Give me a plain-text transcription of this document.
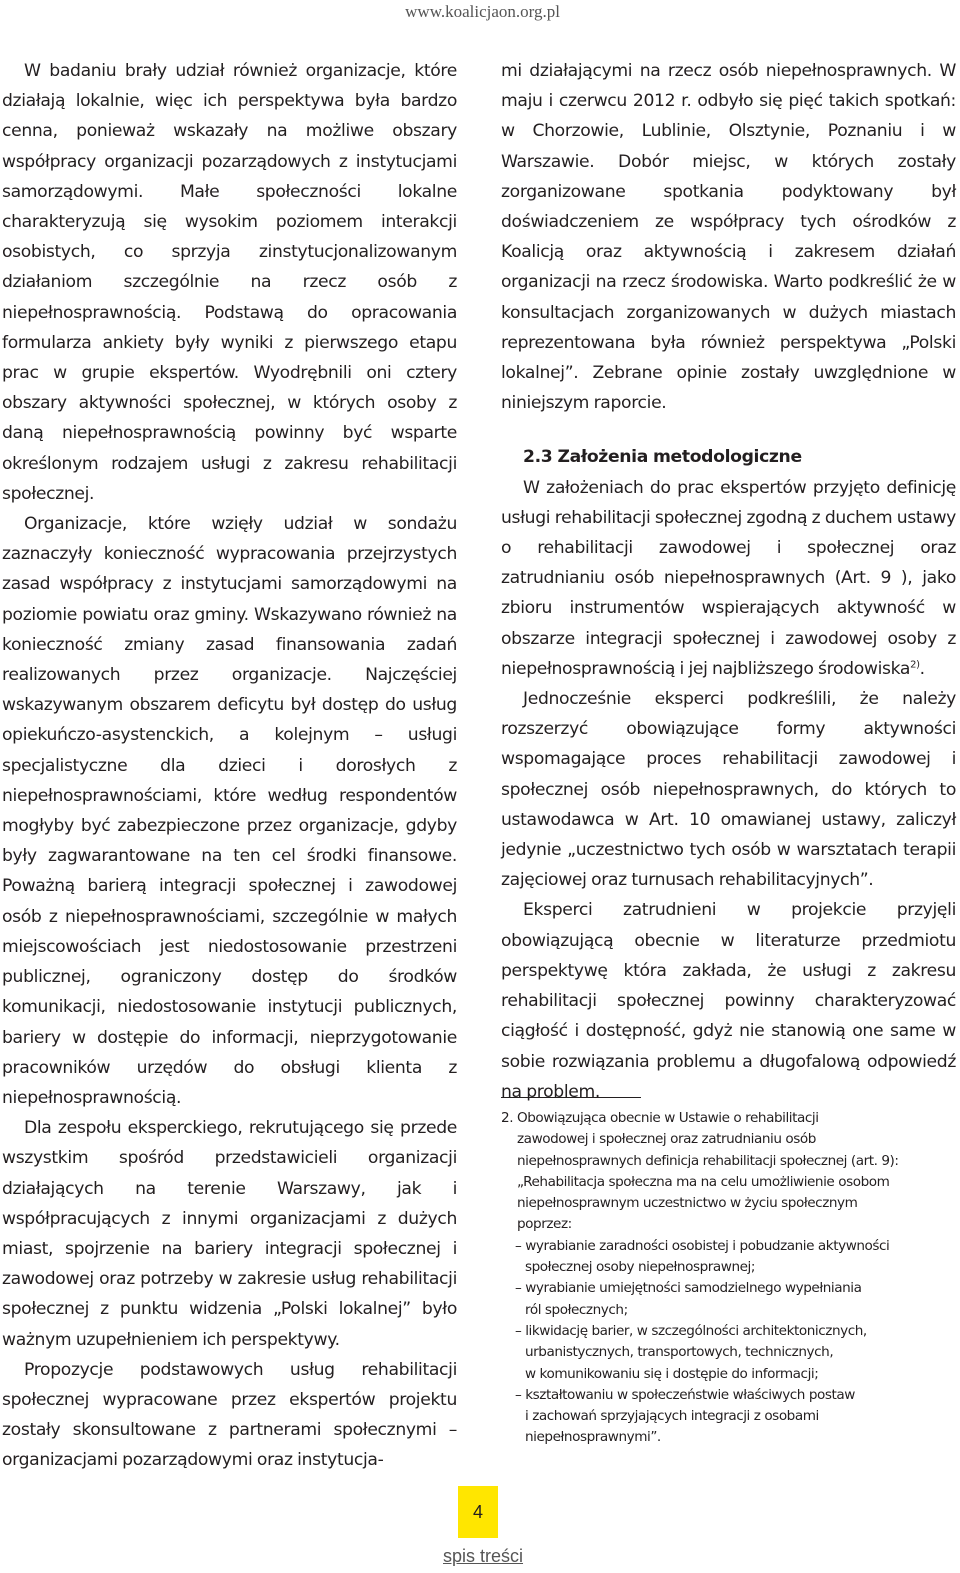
www.koalicjaon.org.pl

W badaniu brały udział również organizacje, które działają lokalnie, więc ich perspektywa była bardzo cenna, ponieważ wskazały na możliwe obszary współpracy organizacji pozarządowych z instytucjami samorządowymi. Małe społeczności lokalne charakteryzują się wysokim poziomem interakcji osobistych, co sprzyja zinstytucjonalizowanym działaniom szczególnie na rzecz osób z niepełnosprawnością. Podstawą do opracowania formularza ankiety były wyniki z pierwszego etapu prac w grupie ekspertów. Wyodrębnili oni cztery obszary aktywności społecznej, w których osoby z daną niepełnosprawnością powinny być wsparte określonym rodzajem usługi z zakresu rehabilitacji społecznej.

Organizacje, które wzięły udział w sondażu zaznaczyły konieczność wypracowania przejrzystych zasad współpracy z instytucjami samorządowymi na poziomie powiatu oraz gminy. Wskazywano również na konieczność zmiany zasad finansowania zadań realizowanych przez organizacje. Najczęściej wskazywanym obszarem deficytu był dostęp do usług opiekuńczo-asystenckich, a kolejnym – usługi specjalistyczne dla dzieci i dorosłych z niepełnosprawnościami, które według respondentów mogłyby być zabezpieczone przez organizacje, gdyby były zagwarantowane na ten cel środki finansowe. Poważną barierą integracji społecznej i zawodowej osób z niepełnosprawnościami, szczególnie w małych miejscowościach jest niedostosowanie przestrzeni publicznej, ograniczony dostęp do środków komunikacji, niedostosowanie instytucji publicznych, bariery w dostępie do informacji, nieprzygotowanie pracowników urzędów do obsługi klienta z niepełnosprawnością.

Dla zespołu eksperckiego, rekrutującego się przede wszystkim spośród przedstawicieli organizacji działających na terenie Warszawy, jak i współpracujących z innymi organizacjami z dużych miast, spojrzenie na bariery integracji społecznej i zawodowej oraz potrzeby w zakresie usług rehabilitacji społecznej z punktu widzenia „Polski lokalnej” było ważnym uzupełnieniem ich perspektywy.

Propozycje podstawowych usług rehabilitacji społecznej wypracowane przez ekspertów projektu zostały skonsultowane z partnerami społecznymi – organizacjami pozarządowymi oraz instytucja-

mi działającymi na rzecz osób niepełnosprawnych. W maju i czerwcu 2012 r. odbyło się pięć takich spotkań: w Chorzowie, Lublinie, Olsztynie, Poznaniu i w Warszawie. Dobór miejsc, w których zostały zorganizowane spotkania podyktowany był doświadczeniem ze współpracy tych ośrodków z Koalicją oraz aktywnością i zakresem działań organizacji na rzecz środowiska. Warto podkreślić że w konsultacjach zorganizowanych w dużych miastach reprezentowana była również perspektywa „Polski lokalnej”. Zebrane opinie zostały uwzględnione w niniejszym raporcie.

2.3 Założenia metodologiczne

W założeniach do prac ekspertów przyjęto definicję usługi rehabilitacji społecznej zgodną z duchem ustawy o rehabilitacji zawodowej i społecznej oraz zatrudnianiu osób niepełnosprawnych (Art. 9 ), jako zbioru instrumentów wspierających aktywność w obszarze integracji społecznej i zawodowej osoby z niepełnosprawnością i jej najbliższego środowiska$^{2)}$.

Jednocześnie eksperci podkreślili, że należy rozszerzyć obowiązujące formy aktywności wspomagające proces rehabilitacji zawodowej i społecznej osób niepełnosprawnych, do których to ustawodawca w Art. 10 omawianej ustawy, zaliczył jedynie „uczestnictwo tych osób w warsztatach terapii zajęciowej oraz turnusach rehabilitacyjnych”.

Eksperci zatrudnieni w projekcie przyjęli obowiązującą obecnie w literaturze przedmiotu perspektywę która zakłada, że usługi z zakresu rehabilitacji społecznej powinny charakteryzować ciągłość i dostępność, gdyż nie stanowią one same w sobie rozwiązania problemu a długofalową odpowiedź na problem.

2. Obowiązująca obecnie w Ustawie o rehabilitacji

zawodowej i społecznej oraz zatrudnianiu osób

niepełnosprawnych definicja rehabilitacji społecznej (art. 9):

„Rehabilitacja społeczna ma na celu umożliwienie osobom

niepełnosprawnym uczestnictwo w życiu społecznym

poprzez:

– wyrabianie zaradności osobistej i pobudzanie aktywności

społecznej osoby niepełnosprawnej;

– wyrabianie umiejętności samodzielnego wypełniania

ról społecznych;

– likwidację barier, w szczególności architektonicznych,

urbanistycznych, transportowych, technicznych,

w komunikowaniu się i dostępie do informacji;

– kształtowaniu w społeczeństwie właściwych postaw

i zachowań sprzyjających integracji z osobami

niepełnosprawnymi”.

4
spis treści
